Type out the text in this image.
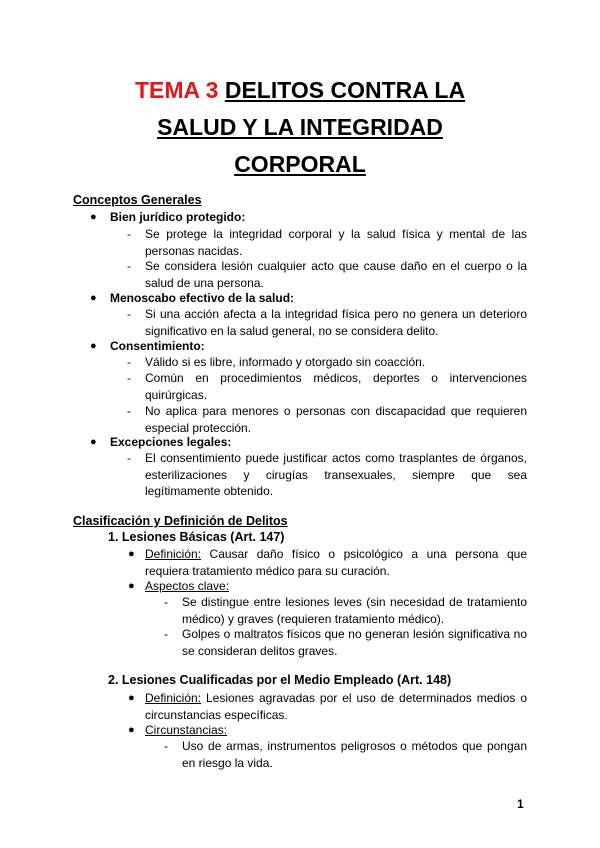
TEMA 3 DELITOS CONTRA LA
SALUD Y LA INTEGRIDAD
CORPORAL
Conceptos Generales
● Bien jurídico protegido:
- Se protege la integridad corporal y la salud física y mental de las personas nacidas.
- Se considera lesión cualquier acto que cause daño en el cuerpo o la salud de una persona.
● Menoscabo efectivo de la salud:
- Si una acción afecta a la integridad física pero no genera un deterioro significativo en la salud general, no se considera delito.
● Consentimiento:
- Válido si es libre, informado y otorgado sin coacción.
- Común en procedimientos médicos, deportes o intervenciones quirúrgicas.
- No aplica para menores o personas con discapacidad que requieren especial protección.
● Excepciones legales:
- El consentimiento puede justificar actos como trasplantes de órganos, esterilizaciones y cirugías transexuales, siempre que sea legítimamente obtenido.
Clasificación y Definición de Delitos
1. Lesiones Básicas (Art. 147)
● Definición: Causar daño físico o psicológico a una persona que requiera tratamiento médico para su curación.
● Aspectos clave:
- Se distingue entre lesiones leves (sin necesidad de tratamiento médico) y graves (requieren tratamiento médico).
- Golpes o maltratos físicos que no generan lesión significativa no se consideran delitos graves.
2. Lesiones Cualificadas por el Medio Empleado (Art. 148)
● Definición: Lesiones agravadas por el uso de determinados medios o circunstancias específicas.
● Circunstancias:
- Uso de armas, instrumentos peligrosos o métodos que pongan en riesgo la vida.
1
